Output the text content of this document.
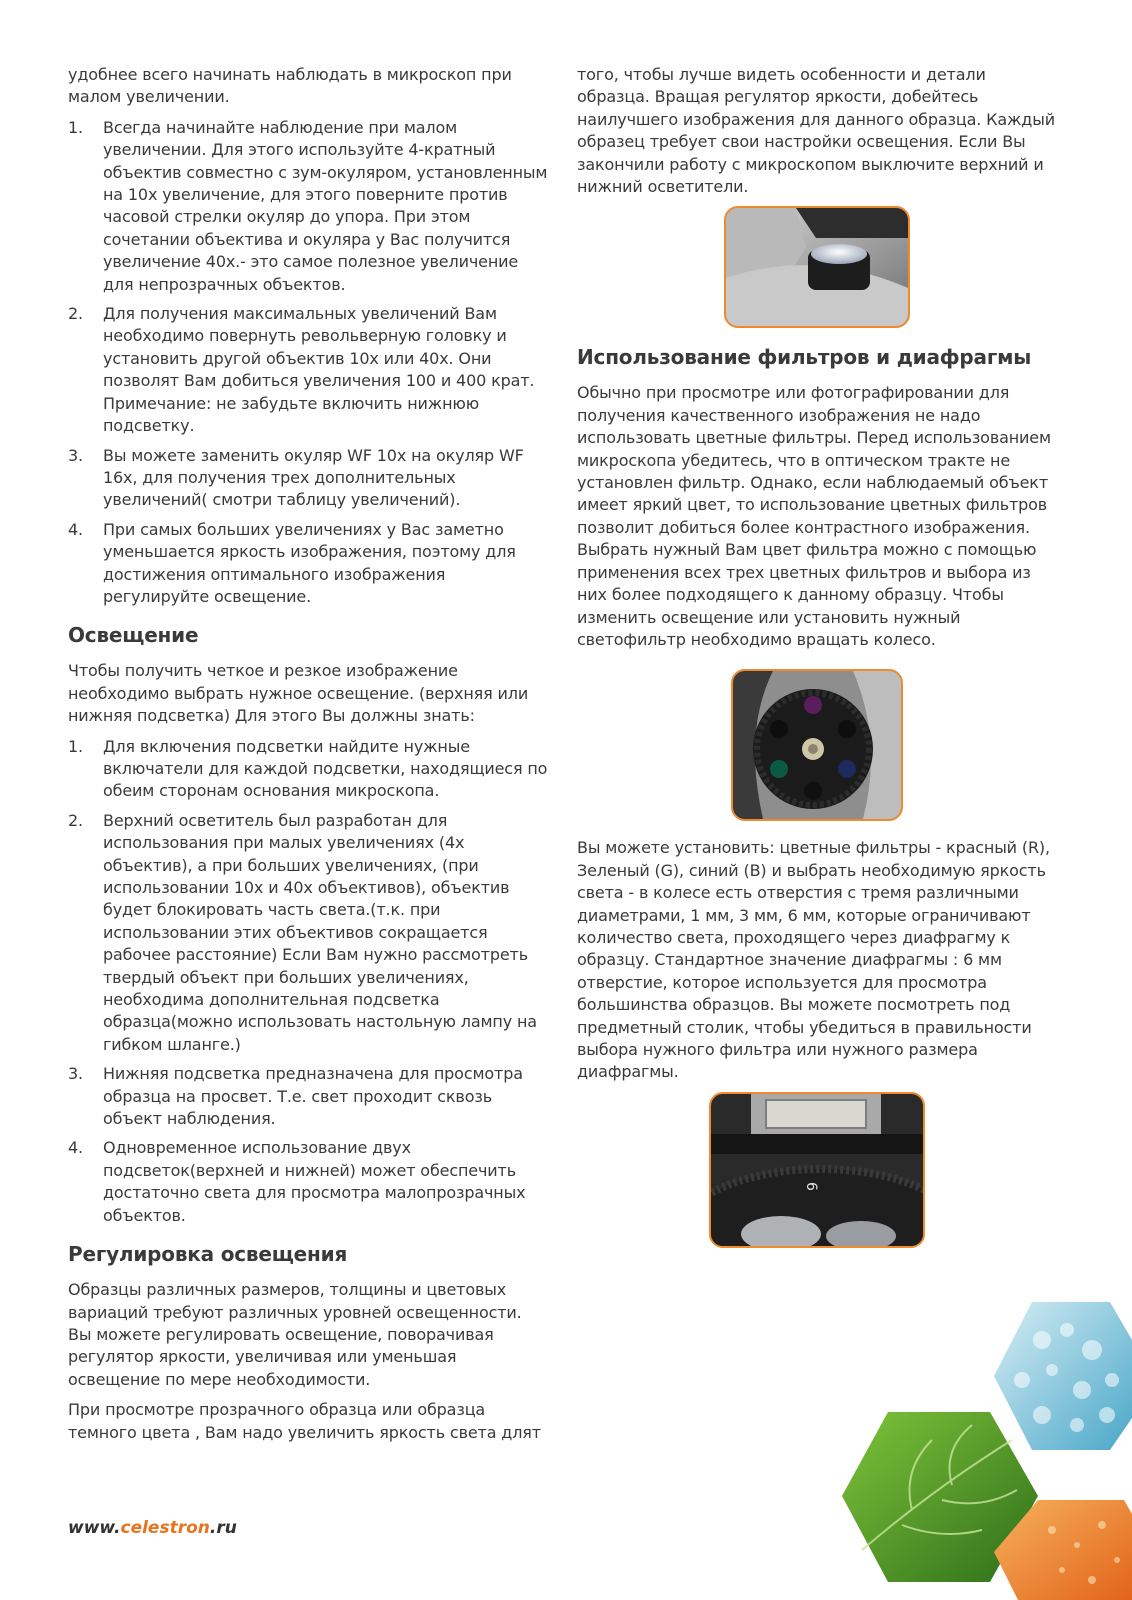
удобнее всего начинать наблюдать в микроскоп при малом увеличении.

1. Всегда начинайте наблюдение при малом увеличении. Для этого используйте 4-кратный объектив совместно с зум-окуляром, установленным на 10х увеличение, для этого поверните против часовой стрелки окуляр до упора. При этом сочетании объектива и окуляра у Вас получится увеличение 40х.- это самое полезное увеличение для непрозрачных объектов.
2. Для получения максимальных увеличений Вам необходимо повернуть револьверную головку и установить другой объектив 10х или 40х. Они позволят Вам добиться увеличения 100 и 400 крат. Примечание: не забудьте включить нижнюю подсветку.
3. Вы можете заменить окуляр WF 10x на окуляр WF 16x, для получения трех дополнительных увеличений( смотри таблицу увеличений).
4. При самых больших увеличениях у Вас заметно уменьшается яркость изображения, поэтому для достижения оптимального изображения регулируйте освещение.
Освещение

Чтобы получить четкое и резкое изображение необходимо выбрать нужное освещение. (верхняя или нижняя подсветка) Для этого Вы должны знать:

1. Для включения подсветки найдите нужные включатели для каждой подсветки, находящиеся по обеим сторонам основания микроскопа.
2. Верхний осветитель был разработан для использования при малых увеличениях (4х объектив), а при больших увеличениях, (при использовании 10х и 40х объективов), объектив будет блокировать часть света.(т.к. при использовании этих объективов сокращается рабочее расстояние) Если Вам нужно рассмотреть твердый объект при больших увеличениях, необходима дополнительная подсветка образца(можно использовать настольную лампу на гибком шланге.)
3. Нижняя подсветка предназначена для просмотра образца на просвет. Т.е. свет проходит сквозь объект наблюдения.
4. Одновременное использование двух подсветок(верхней и нижней) может обеспечить достаточно света для просмотра малопрозрачных объектов.
Регулировка освещения

Образцы различных размеров, толщины и цветовых вариаций требуют различных уровней освещенности. Вы можете регулировать освещение, поворачивая регулятор яркости, увеличивая или уменьшая освещение по мере необходимости.

При просмотре прозрачного образца или образца темного цвета , Вам надо увеличить яркость света длят

того, чтобы лучше видеть особенности и детали образца. Вращая регулятор яркости, добейтесь наилучшего изображения для данного образца. Каждый образец требует свои настройки освещения. Если Вы закончили работу с микроскопом выключите верхний и нижний осветители.

Использование фильтров и диафрагмы

Обычно при просмотре или фотографировании для получения качественного изображения не надо использовать цветные фильтры. Перед использованием микроскопа убедитесь, что в оптическом тракте не установлен фильтр. Однако, если наблюдаемый объект имеет яркий цвет, то использование цветных фильтров позволит добиться более контрастного изображения. Выбрать нужный Вам цвет фильтра можно с помощью применения всех трех цветных фильтров и выбора из них более подходящего к данному образцу. Чтобы изменить освещение или установить нужный светофильтр необходимо вращать колесо.

Вы можете установить: цветные фильтры - красный (R), Зеленый (G), синий (B) и выбрать необходимую яркость света - в колесе есть отверстия с тремя различными диаметрами, 1 мм, 3 мм, 6 мм, которые ограничивают количество света, проходящего через диафрагму к образцу. Стандартное значение диафрагмы : 6 мм отверстие, которое используется для просмотра большинства образцов. Вы можете посмотреть под предметный столик, чтобы убедиться в правильности выбора нужного фильтра или нужного размера диафрагмы.

6
www.celestron.ru
